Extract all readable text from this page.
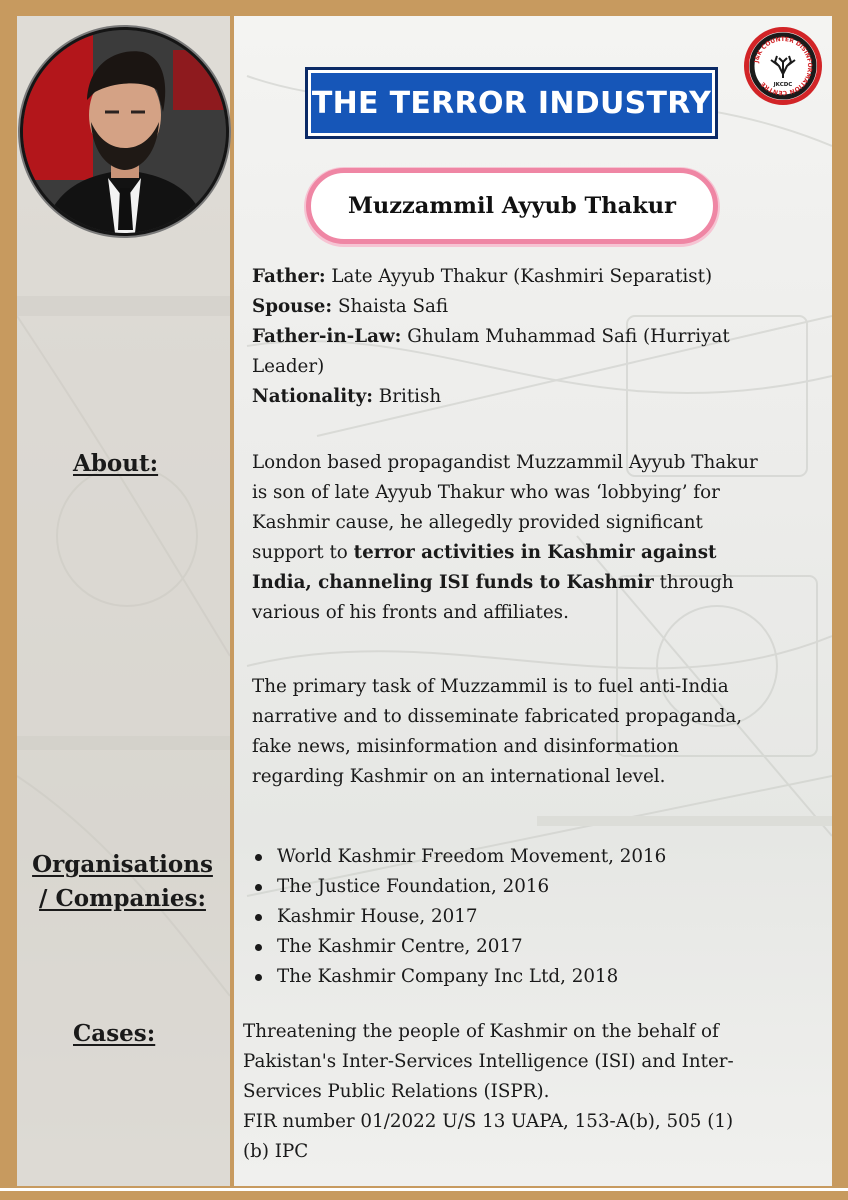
J&K COUNTER DISINFORMATION CENTRE	JKCDC
THE TERROR INDUSTRY
Muzzammil Ayyub Thakur
Father: Late Ayyub Thakur (Kashmiri Separatist)
Spouse: Shaista Safi
Father-in-Law: Ghulam Muhammad Safi (Hurriyat
Leader)
Nationality: British
About:	London based propagandist Muzzammil Ayyub Thakur
is son of late Ayyub Thakur who was ‘lobbying’ for
Kashmir cause, he allegedly provided significant
support to terror activities in Kashmir against
India, channeling ISI funds to Kashmir through
various of his fronts and affiliates.
The primary task of Muzzammil is to fuel anti-India
narrative and to disseminate fabricated propaganda,
fake news, misinformation and disinformation
regarding Kashmir on an international level.
Organisations
/ Companies:
World Kashmir Freedom Movement, 2016
The Justice Foundation, 2016
Kashmir House, 2017
The Kashmir Centre, 2017
The Kashmir Company Inc Ltd, 2018
Cases:	Threatening the people of Kashmir on the behalf of
Pakistan's Inter-Services Intelligence (ISI) and Inter-
Services Public Relations (ISPR).
FIR number 01/2022 U/S 13 UAPA, 153-A(b), 505 (1)
(b) IPC
